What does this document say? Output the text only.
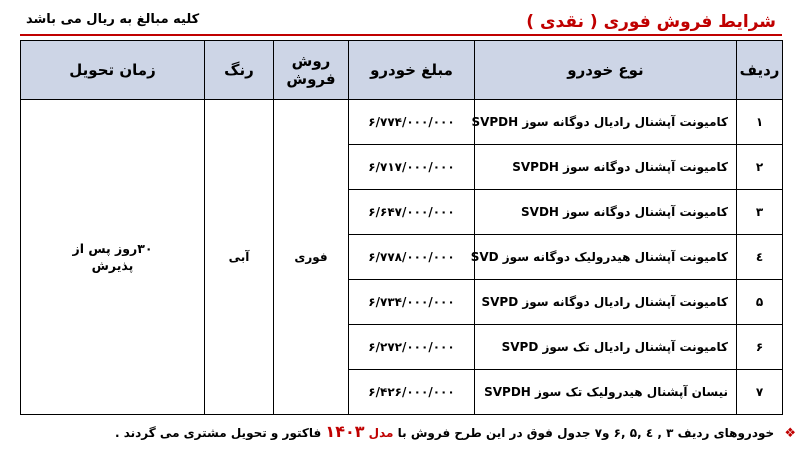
شرایط فروش فوری ( نقدی )
کلیه مبالغ به ریال می باشد
ردیف	نوع خودرو	مبلغ خودرو	روش فروش	رنگ	زمان تحویل
۱	کامیونت آپشنال رادیال دوگانه سوز SVPDH	۶/۷۷۴/۰۰۰/۰۰۰	فوری	آبی	۳۰روز پس از پذیرش

۲	کامیونت آپشنال دوگانه سوز SVPDH	۶/۷۱۷/۰۰۰/۰۰۰			
۳	کامیونت آپشنال دوگانه سوز SVDH	۶/۶۴۷/۰۰۰/۰۰۰			
٤	کامیونت آپشنال هیدرولیک دوگانه سوز SVD	۶/۷۷۸/۰۰۰/۰۰۰			
۵	کامیونت آپشنال رادیال دوگانه سوز SVPD	۶/۷۳۴/۰۰۰/۰۰۰			
۶	کامیونت آپشنال رادیال تک سوز SVPD	۶/۲۷۲/۰۰۰/۰۰۰			
۷	نیسان آپشنال هیدرولیک تک سوز SVPDH	۶/۴۲۶/۰۰۰/۰۰۰			
❖ خودروهای ردیف ۳ , ٤ ,۵ ,۶ و۷ جدول فوق در این طرح فروش با مدل ۱۴۰۳ فاکتور و تحویل مشتری می گردند .
